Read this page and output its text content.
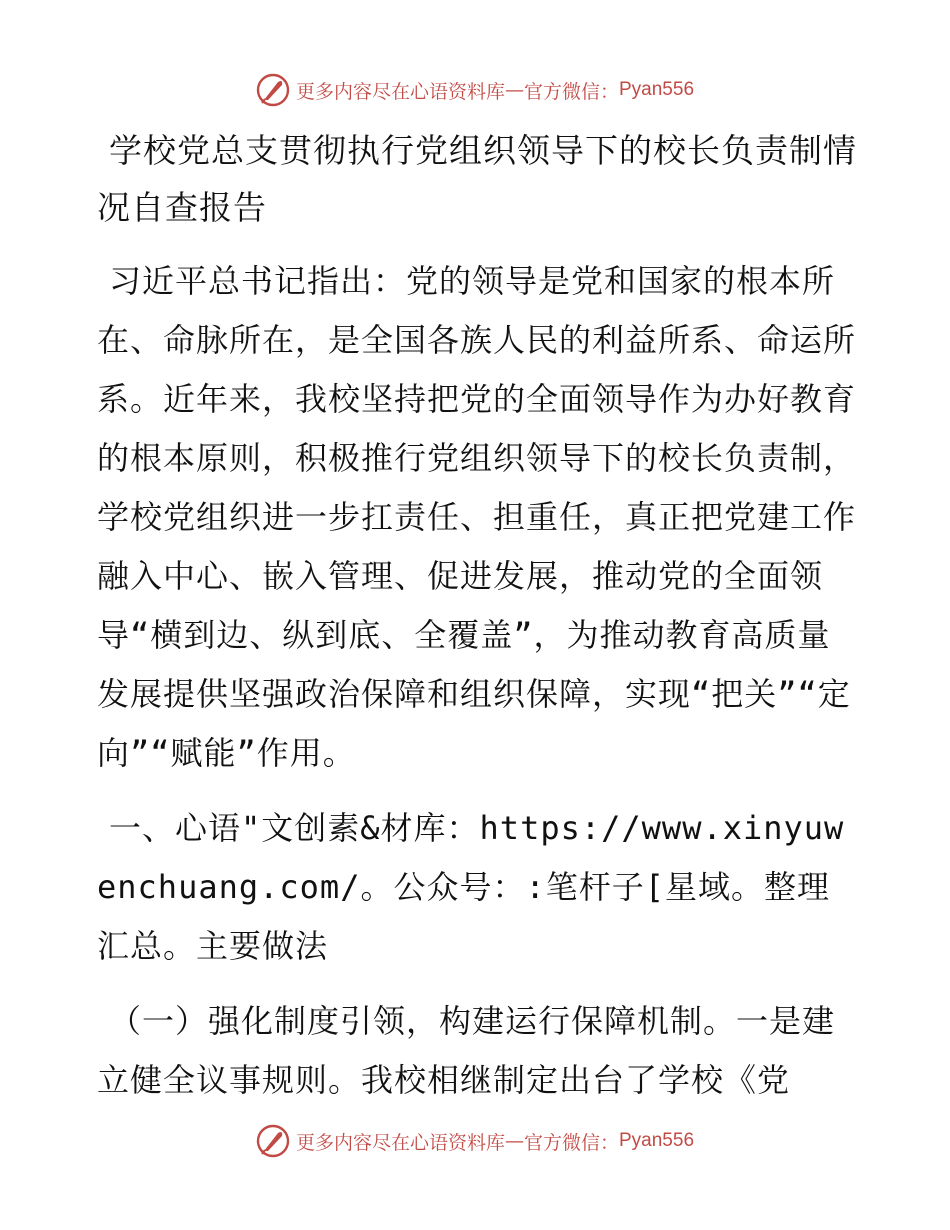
更多内容尽在心语资料库 — 官方微信： Pyan556
学校党总支贯彻执行党组织领导下的校长负责制情况自查报告

习近平总书记指出：党的领导是党和国家的根本所在、命脉所在，是全国各族人民的利益所系、命运所系。近年来，我校坚持把党的全面领导作为办好教育的根本原则，积极推行党组织领导下的校长负责制，学校党组织进一步扛责任、担重任，真正把党建工作融入中心、嵌入管理、促进发展，推动党的全面领导“横到边、纵到底、全覆盖”，为推动教育高质量发展提供坚强政治保障和组织保障，实现“把关”“定向”“赋能”作用。

一、心语"文创素&材库：https://www.xinyuwenchuang.com/。公众号：:笔杆子[星域。整理汇总。主要做法

（一）强化制度引领，构建运行保障机制。一是建立健全议事规则。我校相继制定出台了学校《党

更多内容尽在心语资料库 — 官方微信： Pyan556
